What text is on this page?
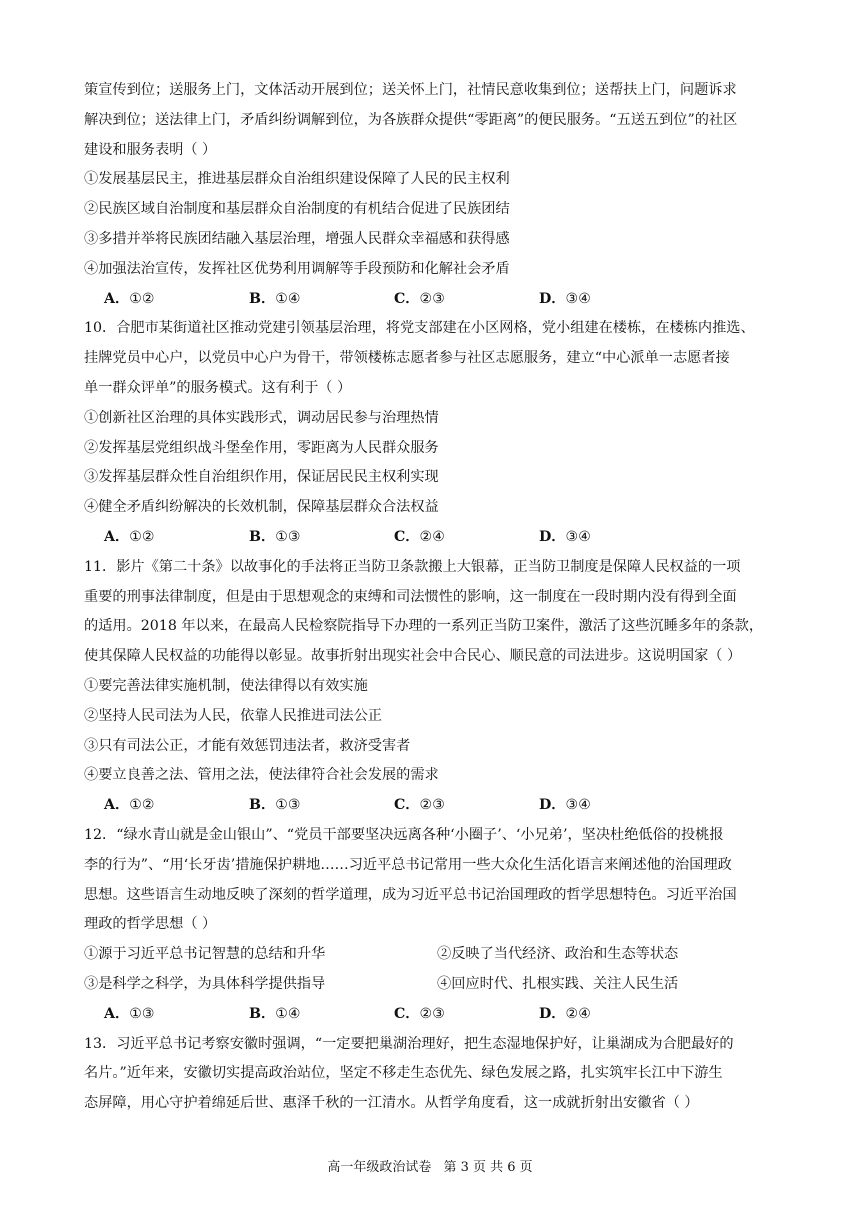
策宣传到位；送服务上门，文体活动开展到位；送关怀上门，社情民意收集到位；送帮扶上门，问题诉求

解决到位；送法律上门，矛盾纠纷调解到位，为各族群众提供“零距离”的便民服务。“五送五到位”的社区

建设和服务表明（ ）

①发展基层民主，推进基层群众自治组织建设保障了人民的民主权利

②民族区域自治制度和基层群众自治制度的有机结合促进了民族团结

③多措并举将民族团结融入基层治理，增强人民群众幸福感和获得感

④加强法治宣传，发挥社区优势利用调解等手段预防和化解社会矛盾

A．①②	B．①④	C．②③	D．③④

10．合肥市某街道社区推动党建引领基层治理，将党支部建在小区网格，党小组建在楼栋，在楼栋内推选、

挂牌党员中心户，以党员中心户为骨干，带领楼栋志愿者参与社区志愿服务，建立“中心派单一志愿者接

单一群众评单”的服务模式。这有利于（ ）

①创新社区治理的具体实践形式，调动居民参与治理热情

②发挥基层党组织战斗堡垒作用，零距离为人民群众服务

③发挥基层群众性自治组织作用，保证居民民主权利实现

④健全矛盾纠纷解决的长效机制，保障基层群众合法权益

A．①②	B．①③	C．②④	D．③④

11．影片《第二十条》以故事化的手法将正当防卫条款搬上大银幕，正当防卫制度是保障人民权益的一项

重要的刑事法律制度，但是由于思想观念的束缚和司法惯性的影响，这一制度在一段时期内没有得到全面

的适用。2018 年以来，在最高人民检察院指导下办理的一系列正当防卫案件，激活了这些沉睡多年的条款，

使其保障人民权益的功能得以彰显。故事折射出现实社会中合民心、顺民意的司法进步。这说明国家（ ）

①要完善法律实施机制，使法律得以有效实施

②坚持人民司法为人民，依靠人民推进司法公正

③只有司法公正，才能有效惩罚违法者，救济受害者

④要立良善之法、管用之法，使法律符合社会发展的需求

A．①②	B．①③	C．②③	D．③④

12．“绿水青山就是金山银山”、“党员干部要坚决远离各种‘小圈子’、‘小兄弟’，坚决杜绝低俗的投桃报

李的行为”、“用‘长牙齿’措施保护耕地……习近平总书记常用一些大众化生活化语言来阐述他的治国理政

思想。这些语言生动地反映了深刻的哲学道理，成为习近平总书记治国理政的哲学思想特色。习近平治国

理政的哲学思想（ ）

①源于习近平总书记智慧的总结和升华	②反映了当代经济、政治和生态等状态
③是科学之科学，为具体科学提供指导	④回应时代、扎根实践、关注人民生活
A．①③	B．①④	C．②③	D．②④

13．习近平总书记考察安徽时强调，“一定要把巢湖治理好，把生态湿地保护好，让巢湖成为合肥最好的

名片。”近年来，安徽切实提高政治站位，坚定不移走生态优先、绿色发展之路，扎实筑牢长江中下游生

态屏障，用心守护着绵延后世、惠泽千秋的一江清水。从哲学角度看，这一成就折射出安徽省（ ）

高一年级政治试卷 第 3 页 共 6 页
